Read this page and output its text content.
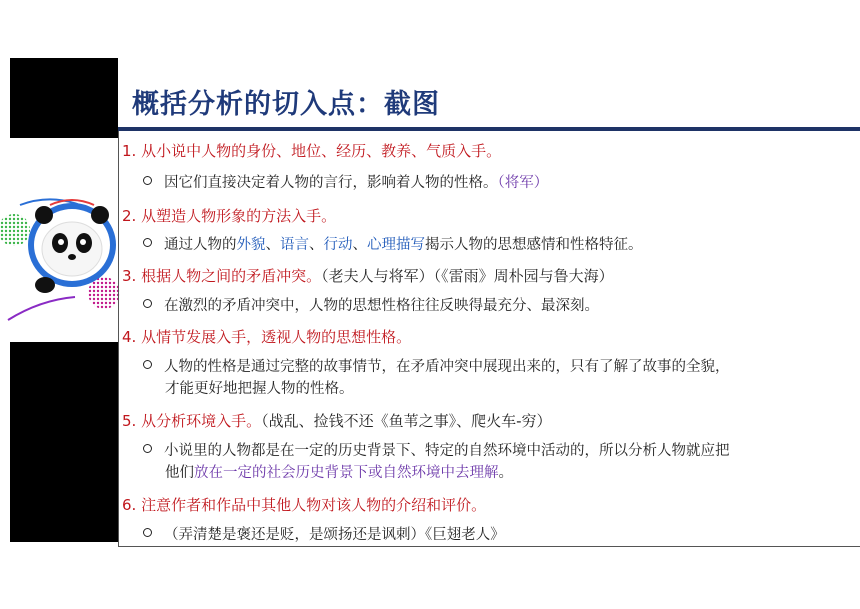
概括分析的切入点：截图
1. 从小说中人物的身份、地位、经历、教养、气质入手。
因它们直接决定着人物的言行，影响着人物的性格。（将军）
2. 从塑造人物形象的方法入手。
通过人物的外貌、语言、行动、心理描写揭示人物的思想感情和性格特征。
3. 根据人物之间的矛盾冲突。（老夫人与将军）（《雷雨》周朴园与鲁大海）
在激烈的矛盾冲突中，人物的思想性格往往反映得最充分、最深刻。
4. 从情节发展入手，透视人物的思想性格。
人物的性格是通过完整的故事情节，在矛盾冲突中展现出来的，只有了解了故事的全貌，
才能更好地把握人物的性格。
5. 从分析环境入手。（战乱、捡钱不还《鱼苇之事》、爬火车-穷）
小说里的人物都是在一定的历史背景下、特定的自然环境中活动的，所以分析人物就应把
他们放在一定的社会历史背景下或自然环境中去理解。
6. 注意作者和作品中其他人物对该人物的介绍和评价。
（弄清楚是褒还是贬，是颂扬还是讽刺）《巨翅老人》
